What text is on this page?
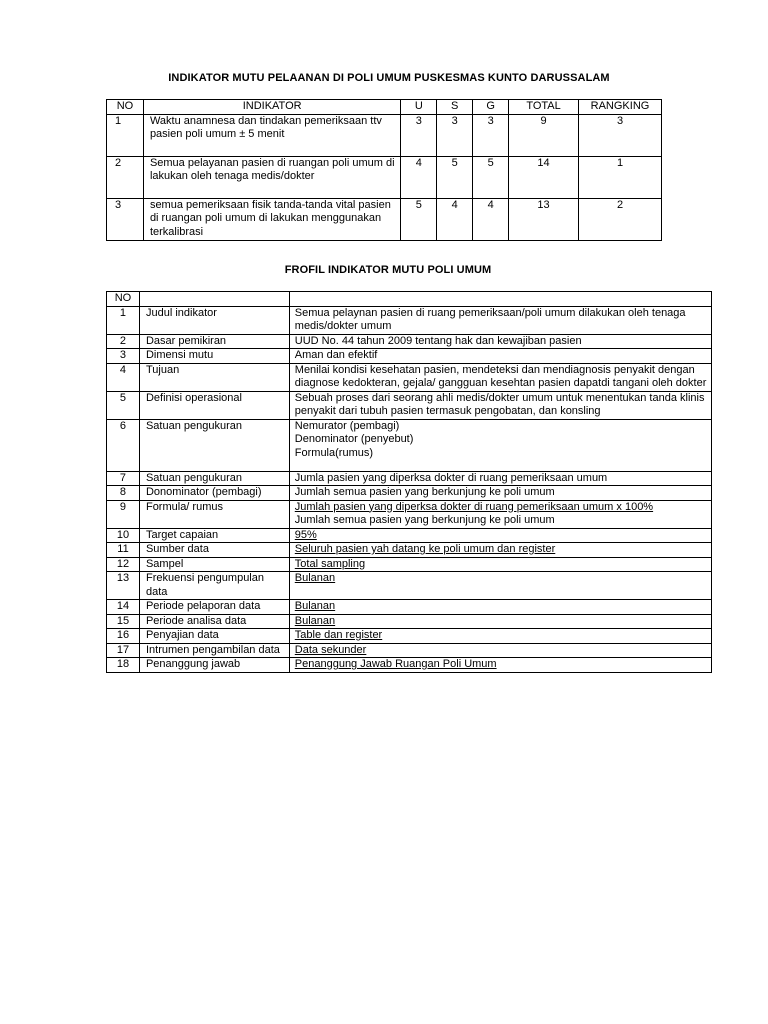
INDIKATOR MUTU PELAANAN DI POLI UMUM PUSKESMAS KUNTO DARUSSALAM
NO	INDIKATOR	U	S	G	TOTAL	RANGKING
1	Waktu anamnesa dan tindakan pemeriksaan ttv pasien poli umum ± 5 menit	3	3	3	9	3
2	Semua pelayanan pasien di ruangan poli umum di lakukan oleh tenaga medis/dokter	4	5	5	14	1
3	semua pemeriksaan fisik tanda-tanda vital pasien di ruangan poli umum di lakukan menggunakan terkalibrasi	5	4	4	13	2
FROFIL INDIKATOR MUTU POLI UMUM
NO		
1	Judul indikator	Semua pelaynan pasien di ruang pemeriksaan/poli umum dilakukan oleh tenaga medis/dokter umum

2	Dasar pemikiran	UUD No. 44 tahun 2009 tentang hak dan kewajiban pasien

3	Dimensi mutu	Aman dan efektif

4	Tujuan	Menilai kondisi kesehatan pasien, mendeteksi dan mendiagnosis penyakit dengan diagnose kedokteran, gejala/ gangguan kesehtan pasien dapatdi tangani oleh dokter

5	Definisi operasional	Sebuah proses dari seorang ahli medis/dokter umum untuk menentukan tanda klinis penyakit dari tubuh pasien termasuk pengobatan, dan konsling

6	Satuan pengukuran	Nemurator (pembagi)
Denominator (penyebut)
Formula(rumus)

7	Satuan pengukuran	Jumla pasien yang diperksa dokter di ruang pemeriksaan umum

8	Donominator (pembagi)	Jumlah semua pasien yang berkunjung ke poli umum

9	Formula/ rumus	Jumlah pasien yang diperksa dokter di ruang pemeriksaan umum x 100%
Jumlah semua pasien yang berkunjung ke poli umum

10	Target capaian	95%

11	Sumber data	Seluruh pasien yah datang ke poli umum dan register

12	Sampel	Total sampling

13	Frekuensi pengumpulan data	Bulanan

14	Periode pelaporan data	Bulanan

15	Periode analisa data	Bulanan

16	Penyajian data	Table dan register

17	Intrumen pengambilan data	Data sekunder

18	Penanggung jawab	Penanggung Jawab Ruangan Poli Umum
